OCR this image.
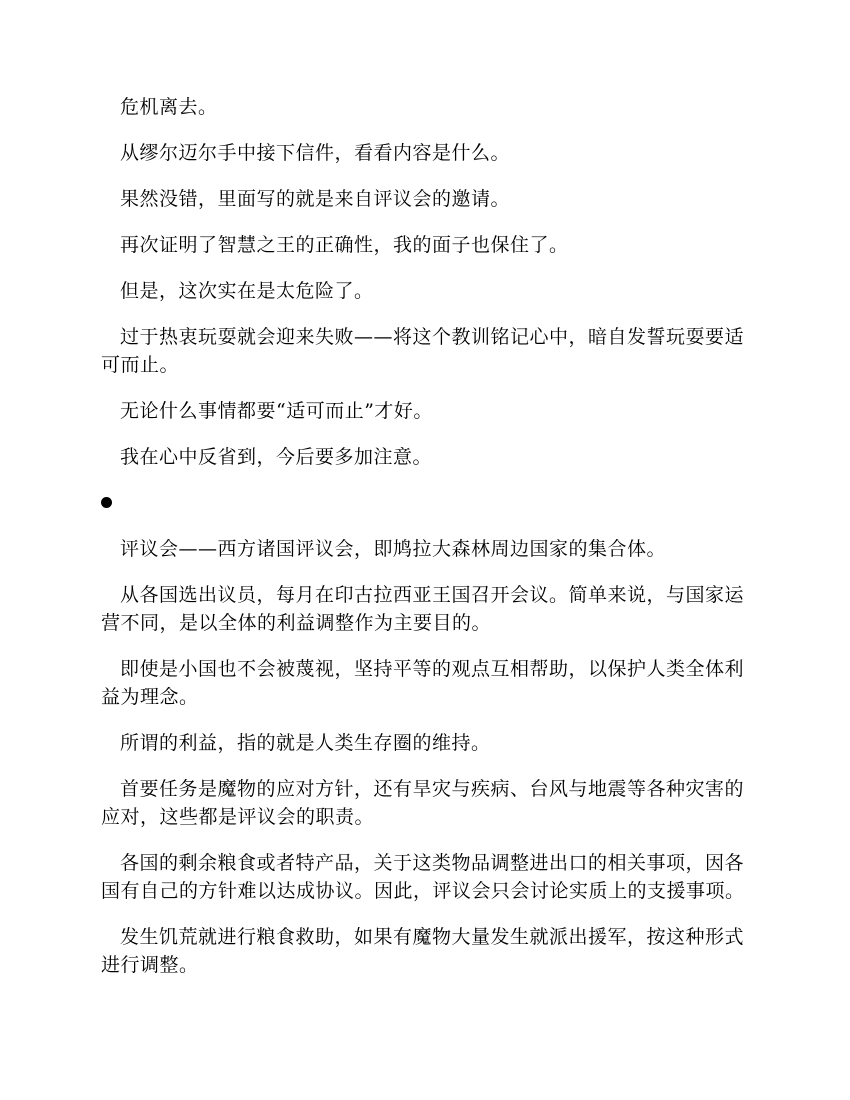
危机离去。

从缪尔迈尔手中接下信件，看看内容是什么。

果然没错，里面写的就是来自评议会的邀请。

再次证明了智慧之王的正确性，我的面子也保住了。

但是，这次实在是太危险了。

过于热衷玩耍就会迎来失败——将这个教训铭记心中，暗自发誓玩耍要适可而止。

无论什么事情都要“适可而止”才好。

我在心中反省到，今后要多加注意。

评议会——西方诸国评议会，即鸠拉大森林周边国家的集合体。

从各国选出议员，每月在印古拉西亚王国召开会议。简单来说，与国家运营不同，是以全体的利益调整作为主要目的。

即使是小国也不会被蔑视，坚持平等的观点互相帮助，以保护人类全体利益为理念。

所谓的利益，指的就是人类生存圈的维持。

首要任务是魔物的应对方针，还有旱灾与疾病、台风与地震等各种灾害的应对，这些都是评议会的职责。

各国的剩余粮食或者特产品，关于这类物品调整进出口的相关事项，因各国有自己的方针难以达成协议。因此，评议会只会讨论实质上的支援事项。

发生饥荒就进行粮食救助，如果有魔物大量发生就派出援军，按这种形式进行调整。
